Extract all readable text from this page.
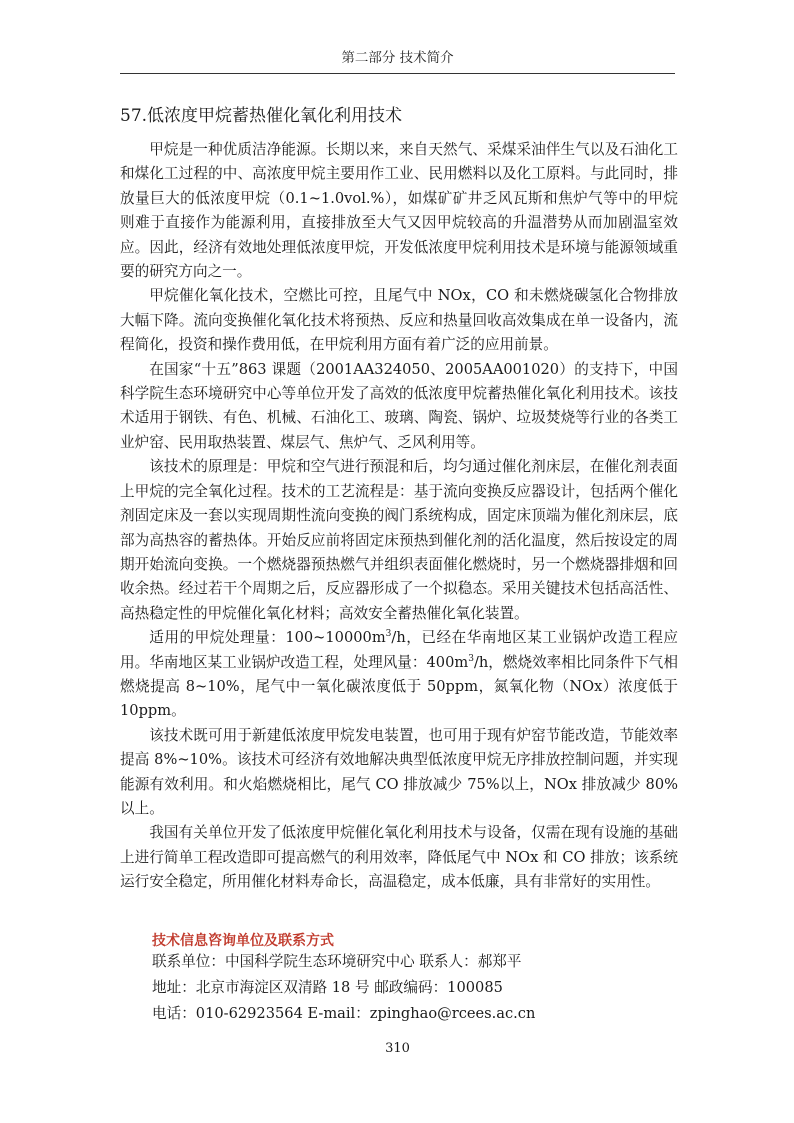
第二部分 技术简介
57.低浓度甲烷蓄热催化氧化利用技术

甲烷是一种优质洁净能源。长期以来，来自天然气、采煤采油伴生气以及石油化工和煤化工过程的中、高浓度甲烷主要用作工业、民用燃料以及化工原料。与此同时，排放量巨大的低浓度甲烷（0.1~1.0vol.%），如煤矿矿井乏风瓦斯和焦炉气等中的甲烷则难于直接作为能源利用，直接排放至大气又因甲烷较高的升温潜势从而加剧温室效应。因此，经济有效地处理低浓度甲烷，开发低浓度甲烷利用技术是环境与能源领域重要的研究方向之一。

甲烷催化氧化技术，空燃比可控，且尾气中 NOx，CO 和未燃烧碳氢化合物排放大幅下降。流向变换催化氧化技术将预热、反应和热量回收高效集成在单一设备内，流程简化，投资和操作费用低，在甲烷利用方面有着广泛的应用前景。

在国家“十五”863 课题（2001AA324050、2005AA001020）的支持下，中国科学院生态环境研究中心等单位开发了高效的低浓度甲烷蓄热催化氧化利用技术。该技术适用于钢铁、有色、机械、石油化工、玻璃、陶瓷、锅炉、垃圾焚烧等行业的各类工业炉窑、民用取热装置、煤层气、焦炉气、乏风利用等。

该技术的原理是：甲烷和空气进行预混和后，均匀通过催化剂床层，在催化剂表面上甲烷的完全氧化过程。技术的工艺流程是：基于流向变换反应器设计，包括两个催化剂固定床及一套以实现周期性流向变换的阀门系统构成，固定床顶端为催化剂床层，底部为高热容的蓄热体。开始反应前将固定床预热到催化剂的活化温度，然后按设定的周期开始流向变换。一个燃烧器预热燃气并组织表面催化燃烧时，另一个燃烧器排烟和回收余热。经过若干个周期之后，反应器形成了一个拟稳态。采用关键技术包括高活性、高热稳定性的甲烷催化氧化材料；高效安全蓄热催化氧化装置。

适用的甲烷处理量：$100\sim 10000m^3/h$，已经在华南地区某工业锅炉改造工程应用。华南地区某工业锅炉改造工程，处理风量：$400m^3/h$，燃烧效率相比同条件下气相燃烧提高 8~10%，尾气中一氧化碳浓度低于 50ppm，氮氧化物（NOx）浓度低于 10ppm。

该技术既可用于新建低浓度甲烷发电装置，也可用于现有炉窑节能改造，节能效率提高 8%~10%。该技术可经济有效地解决典型低浓度甲烷无序排放控制问题，并实现能源有效利用。和火焰燃烧相比，尾气 CO 排放减少 75%以上，NOx 排放减少 80%以上。

我国有关单位开发了低浓度甲烷催化氧化利用技术与设备，仅需在现有设施的基础上进行简单工程改造即可提高燃气的利用效率，降低尾气中 NOx 和 CO 排放；该系统运行安全稳定，所用催化材料寿命长，高温稳定，成本低廉，具有非常好的实用性。

技术信息咨询单位及联系方式
联系单位：中国科学院生态环境研究中心 联系人：郝郑平
地址：北京市海淀区双清路 18 号 邮政编码：100085
电话：010-62923564 E-mail：zpinghao@rcees.ac.cn
310
